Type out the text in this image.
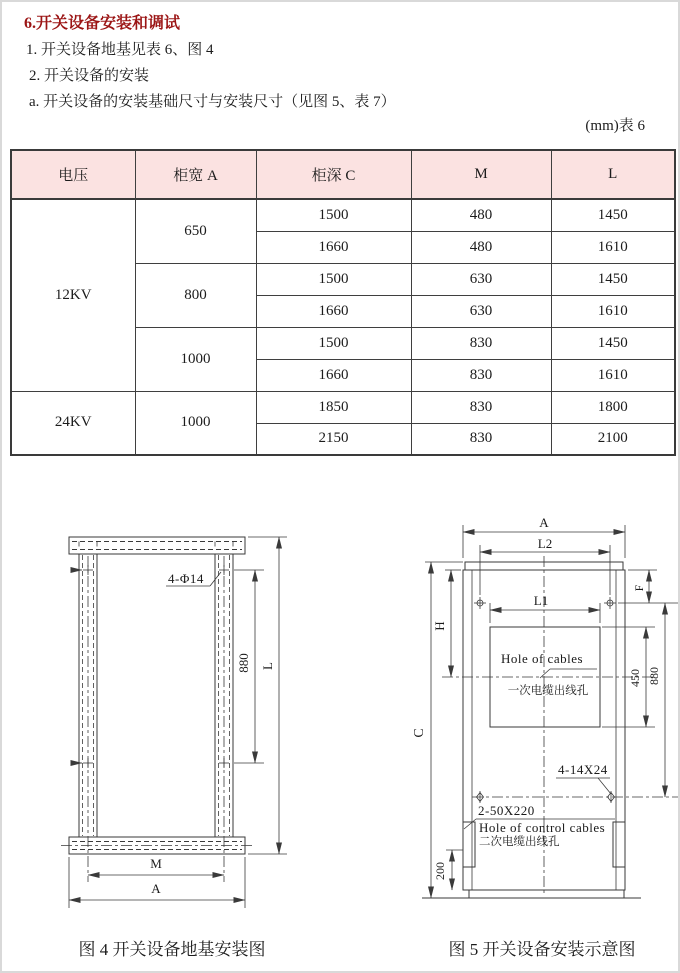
6.开关设备安装和调试
1. 开关设备地基见表 6、图 4
2. 开关设备的安装
a. 开关设备的安装基础尺寸与安装尺寸（见图 5、表 7）
(mm)表 6
电压	柜宽 A	柜深 C	M	L
12KV	650	1500	480	1450
		1660	480	1610
	800	1500	630	1450
		1660	630	1610
	1000	1500	830	1450
		1660	830	1610
24KV	1000	1850	830	1800
		2150	830	2100
4-Φ14
880 L
M
A
图 4 开关设备地基安装图
A
L2
F
Hole of cables
一次电缆出线孔
L1
H
C
450 880
4-14X24
2-50X220
Hole of control cables
二次电缆出线孔
200
图 5 开关设备安装示意图
